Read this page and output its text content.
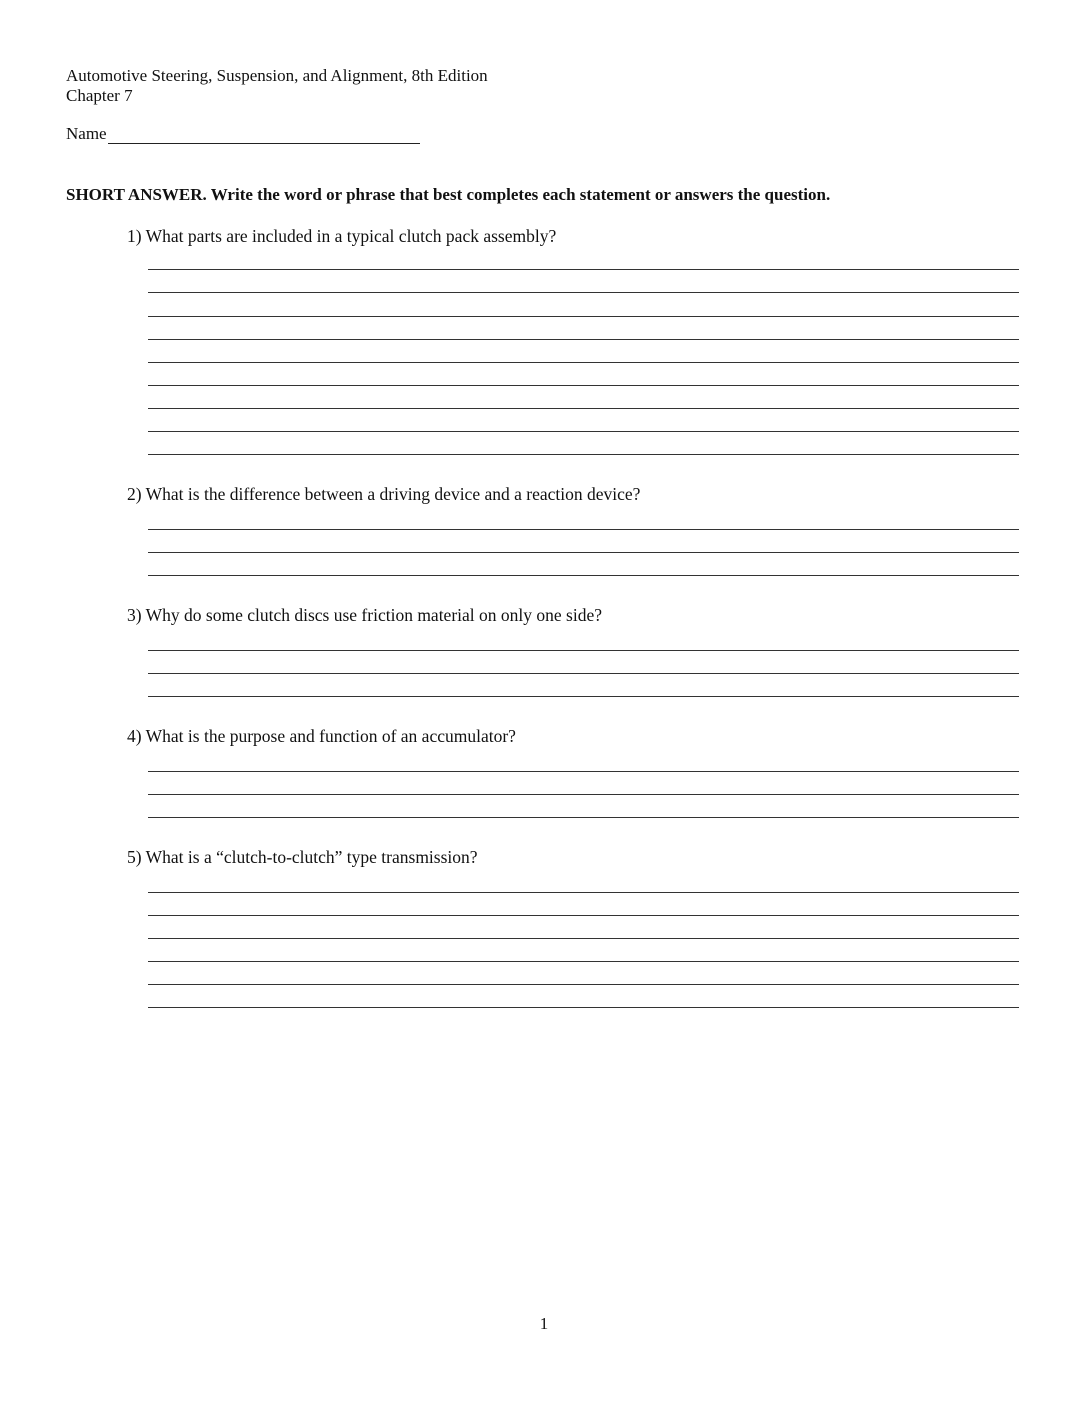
Automotive Steering, Suspension, and Alignment, 8th Edition
Chapter 7
Name
SHORT ANSWER. Write the word or phrase that best completes each statement or answers the question.
1) What parts are included in a typical clutch pack assembly?
2) What is the difference between a driving device and a reaction device?
3) Why do some clutch discs use friction material on only one side?
4) What is the purpose and function of an accumulator?
5) What is a “clutch-to-clutch” type transmission?
1
